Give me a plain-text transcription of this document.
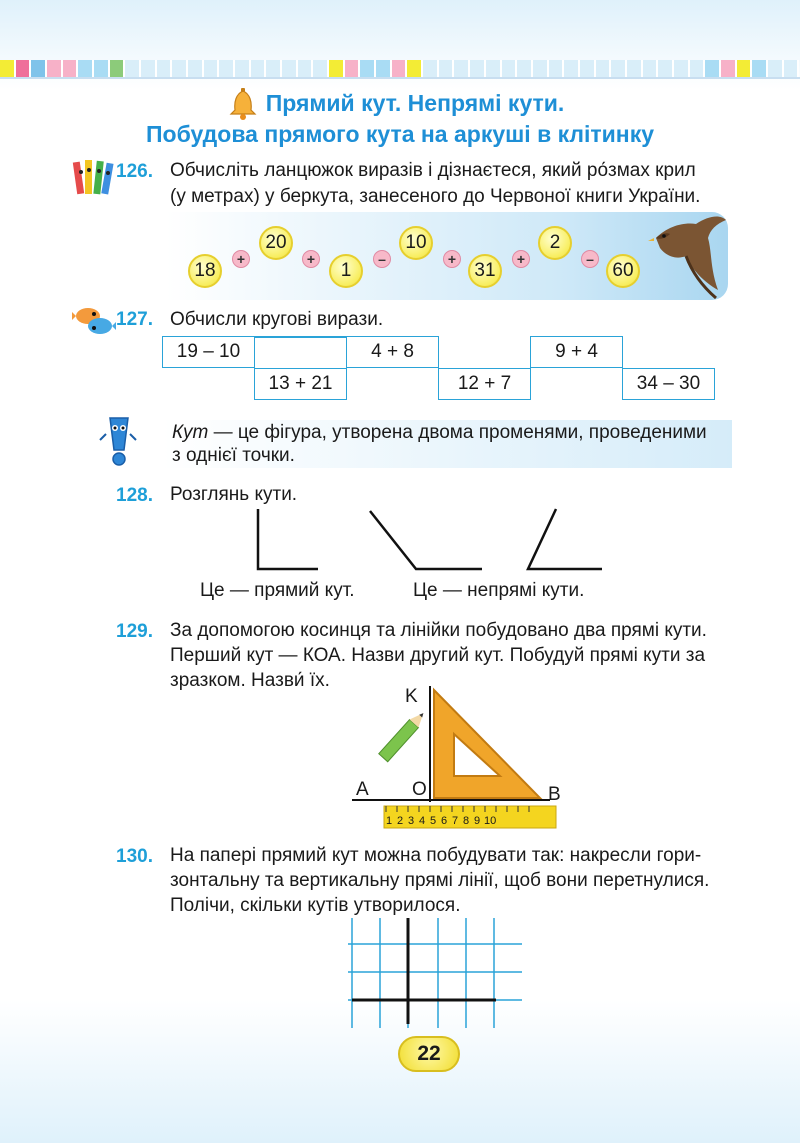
Прямий кут. Непрямі кути.
Побудова прямого кута на аркуші в клітинку
126. Обчисліть ланцюжок виразів і дізнаєтеся, який ро́змах крил
(у метрах) у беркута, занесеного до Червоної книги України.
18
20
1
10
31
2
60
+	+	–	+	+	–
127. Обчисли кругові вирази.
19 – 10	4 + 8	9 + 4
13 + 21	12 + 7	34 – 30
Кут — це фігура, утворена двома променями, проведеними
з однієї точки.
128. Розглянь кути.
Це — прямий кут.	Це — непрямі кути.
129. За допомогою косинця та лінійки побудовано два прямі кути.
Перший кут — КОА. Назви другий кут. Побудуй прямі кути за
зразком. Назви́ їх.
K
A O	B
1 2 3 4 5 6 7 8 9 10
130. На папері прямий кут можна побудувати так: накресли гори-
зонтальну та вертикальну прямі лінії, щоб вони перетнулися.
Полічи, скільки кутів утворилося.
22
